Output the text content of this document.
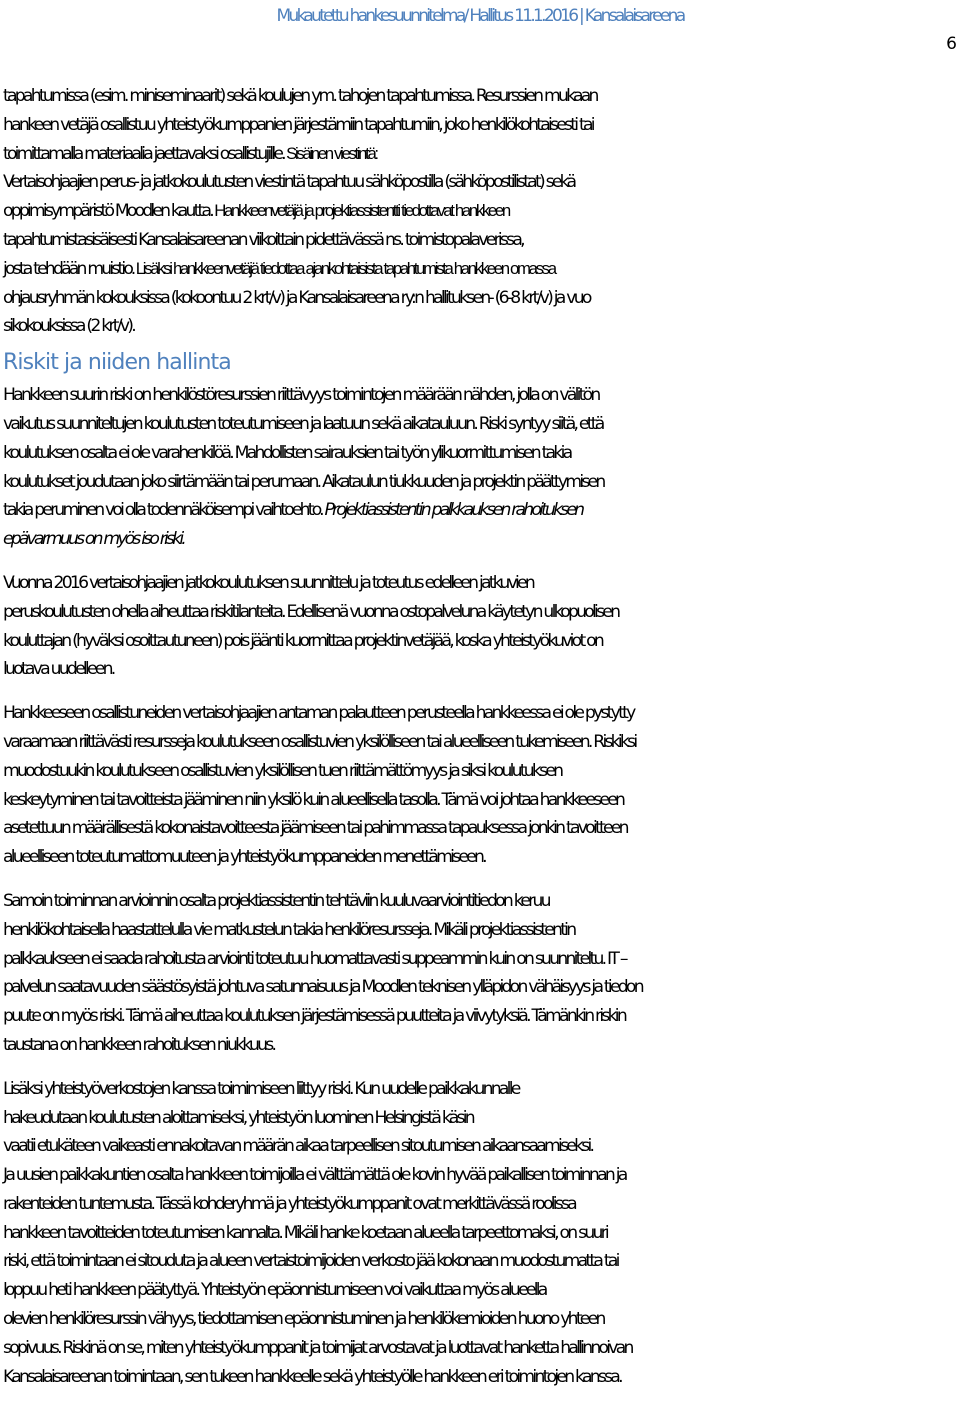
Mukautettu hankesuunnitelma/ Hallitus 11.1.2016 | Kansalaisareena
6
tapahtumissa (esim. miniseminaarit) sekä koulujen ym. tahojen tapahtumissa. Resurssien mukaan
hankeen vetäjä osallistuu yhteistyökumppanien järjestämiin tapahtumiin, joko henkilökohtaisesti tai
toimittamalla materiaalia jaettavaksi osallistujille. Sisäinen viestintä:
Vertaisohjaajien perus- ja jatkokoulutusten viestintä tapahtuu sähköpostilla (sähköpostilistat) sekä
oppimisympäristö Moodlen kautta. Hankkeenvetäjä ja projektiassistentti tiedottavat hankkeen
tapahtumistasisäisesti Kansalaisareenan viikoittain pidettävässä ns. toimistopalaverissa,
josta tehdään muistio. Lisäksi hankkeenvetäjä tiedottaa ajankohtaisista tapahtumista hankkeen omassa
ohjausryhmän kokouksissa (kokoontuu 2 krt/v) ja Kansalaisareena ry:n hallituksen- (6-8 krt/v) ja vuo
sikokouksissa (2 krt/v).
Riskit ja niiden hallinta
Hankkeen suurin riski on henkilöstöresurssien riittävyys toimintojen määrään nähden, jolla on välitön
vaikutus suunniteltujen koulutusten toteutumiseen ja laatuun sekä aikatauluun. Riski syntyy siitä, että
koulutuksen osalta ei ole varahenkilöä. Mahdollisten sairauksien tai työn ylikuormittumisen takia
koulutukset joudutaan joko siirtämään tai perumaan. Aikataulun tiukkuuden ja projektin päättymisen
takia peruminen voi olla todennäköisempi vaihtoehto. Projektiassistentin palkkauksen rahoituksen
epävarmuus on myös iso riski.
Vuonna 2016 vertaisohjaajien jatkokoulutuksen suunnittelu ja toteutus edelleen jatkuvien
peruskoulutusten ohella aiheuttaa riskitilanteita. Edellisenä vuonna ostopalveluna käytetyn ulkopuolisen
kouluttajan (hyväksi osoittautuneen) pois jäänti kuormittaa projektinvetäjää, koska yhteistyökuviot on
luotava uudelleen.
Hankkeeseen osallistuneiden vertaisohjaajien antaman palautteen perusteella hankkeessa ei ole pystytty
varaamaan riittävästi resursseja koulutukseen osallistuvien yksilölliseen tai alueelliseen tukemiseen. Riskiksi
muodostuukin koulutukseen osallistuvien yksilöllisen tuen riittämättömyys ja siksi koulutuksen
keskeytyminen tai tavoitteista jääminen niin yksilö kuin alueellisella tasolla. Tämä voi johtaa hankkeeseen
asetettuun määrällisestä kokonaistavoitteesta jäämiseen tai pahimmassa tapauksessa jonkin tavoitteen
alueelliseen toteutumattomuuteen ja yhteistyökumppaneiden menettämiseen.
Samoin toiminnan arvioinnin osalta projektiassistentin tehtäviin kuuluvaarviointitiedon keruu
henkilökohtaisella haastattelulla vie matkustelun takia henkilöresursseja. Mikäli projektiassistentin
palkkaukseen ei saada rahoitusta arviointi toteutuu huomattavasti suppeammin kuin on suunniteltu. IT –
palvelun saatavuuden säästösyistä johtuva satunnaisuus ja Moodlen teknisen ylläpidon vähäisyys ja tiedon
puute on myös riski. Tämä aiheuttaa koulutuksen järjestämisessä puutteita ja viivytyksiä. Tämänkin riskin
taustana on hankkeen rahoituksen niukkuus.
Lisäksi yhteistyöverkostojen kanssa toimimiseen liittyy riski. Kun uudelle paikkakunnalle
hakeudutaan koulutusten aloittamiseksi, yhteistyön luominen Helsingistä käsin
vaatii etukäteen vaikeasti ennakoitavan määrän aikaa tarpeellisen sitoutumisen aikaansaamiseksi.
Ja uusien paikkakuntien osalta hankkeen toimijoilla ei välttämättä ole kovin hyvää paikallisen toiminnan ja
rakenteiden tuntemusta. Tässä kohderyhmä ja yhteistyökumppanit ovat merkittävässä roolissa
hankkeen tavoitteiden toteutumisen kannalta. Mikäli hanke koetaan alueella tarpeettomaksi, on suuri
riski, että toimintaan ei sitouduta ja alueen vertaistoimijoiden verkosto jää kokonaan muodostumatta tai
loppuu heti hankkeen päätyttyä. Yhteistyön epäonnistumiseen voi vaikuttaa myös alueella
olevien henkilöresurssin vähyys, tiedottamisen epäonnistuminen ja henkilökemioiden huono yhteen
sopivuus. Riskinä on se, miten yhteistyökumppanit ja toimijat arvostavat ja luottavat hanketta hallinnoivan
Kansalaisareenan toimintaan, sen tukeen hankkeelle sekä yhteistyölle hankkeen eri toimintojen kanssa.
